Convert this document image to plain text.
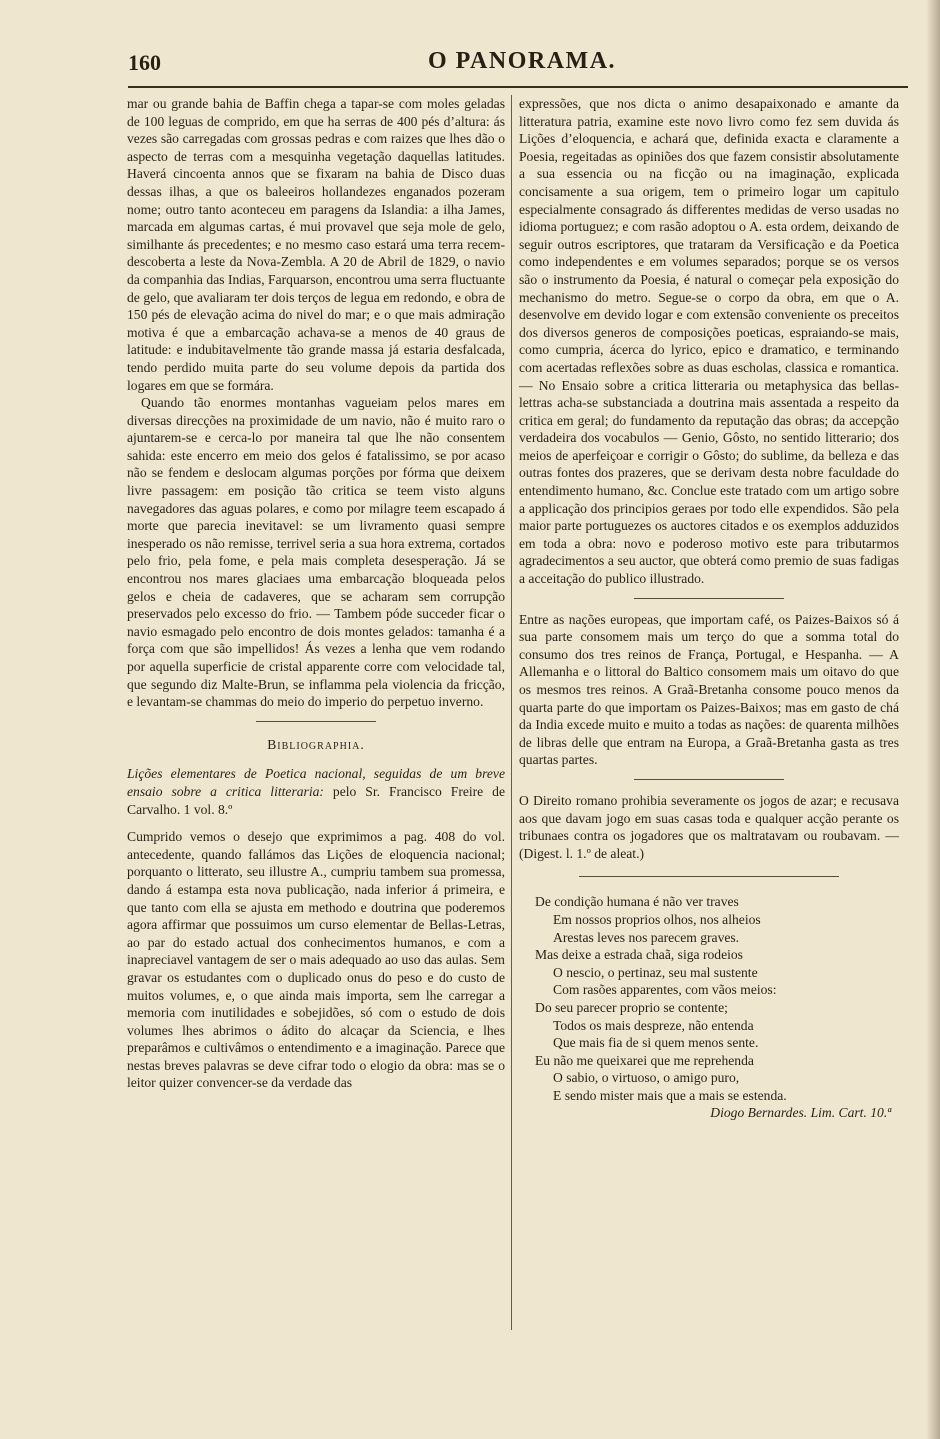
160	O PANORAMA.

mar ou grande bahia de Baffin chega a tapar-se com moles geladas de 100 leguas de comprido, em que ha serras de 400 pés d’altura: ás vezes são carregadas com grossas pedras e com raizes que lhes dão o aspecto de terras com a mesquinha vegetação daquellas latitudes. Haverá cincoenta annos que se fixaram na bahia de Disco duas dessas ilhas, a que os baleeiros hollandezes enganados pozeram nome; outro tanto aconteceu em paragens da Islandia: a ilha James, marcada em algumas cartas, é mui provavel que seja mole de gelo, similhante ás precedentes; e no mesmo caso estará uma terra recem-descoberta a leste da Nova-Zembla. A 20 de Abril de 1829, o navio da companhia das Indias, Farquarson, encontrou uma serra fluctuante de gelo, que avaliaram ter dois terços de legua em redondo, e obra de 150 pés de elevação acima do nivel do mar; e o que mais admiração motiva é que a embarcação achava-se a menos de 40 graus de latitude: e indubitavelmente tão grande massa já estaria desfalcada, tendo perdido muita parte do seu volume depois da partida dos logares em que se formára.

Quando tão enormes montanhas vagueiam pelos mares em diversas direcções na proximidade de um navio, não é muito raro o ajuntarem-se e cerca-lo por maneira tal que lhe não consentem sahida: este encerro em meio dos gelos é fatalissimo, se por acaso não se fendem e deslocam algumas porções por fórma que deixem livre passagem: em posição tão critica se teem visto alguns navegadores das aguas polares, e como por milagre teem escapado á morte que parecia inevitavel: se um livramento quasi sempre inesperado os não remisse, terrivel seria a sua hora extrema, cortados pelo frio, pela fome, e pela mais completa desesperação. Já se encontrou nos mares glaciaes uma embarcação bloqueada pelos gelos e cheia de cadaveres, que se acharam sem corrupção preservados pelo excesso do frio. — Tambem póde succeder ficar o navio esmagado pelo encontro de dois montes gelados: tamanha é a força com que são impellidos! Ás vezes a lenha que vem rodando por aquella superficie de cristal apparente corre com velocidade tal, que segundo diz Malte-Brun, se inflamma pela violencia da fricção, e levantam-se chammas do meio do imperio do perpetuo inverno.

Bibliographia.

Lições elementares de Poetica nacional, seguidas de um breve ensaio sobre a critica litteraria: pelo Sr. Francisco Freire de Carvalho. 1 vol. 8.º

Cumprido vemos o desejo que exprimimos a pag. 408 do vol. antecedente, quando fallámos das Lições de eloquencia nacional; porquanto o litterato, seu illustre A., cumpriu tambem sua promessa, dando á estampa esta nova publicação, nada inferior á primeira, e que tanto com ella se ajusta em methodo e doutrina que poderemos agora affirmar que possuimos um curso elementar de Bellas-Letras, ao par do estado actual dos conhecimentos humanos, e com a inapreciavel vantagem de ser o mais adequado ao uso das aulas. Sem gravar os estudantes com o duplicado onus do peso e do custo de muitos volumes, e, o que ainda mais importa, sem lhe carregar a memoria com inutilidades e sobejidões, só com o estudo de dois volumes lhes abrimos o ádito do alcaçar da Sciencia, e lhes preparâmos e cultivâmos o entendimento e a imaginação. Parece que nestas breves palavras se deve cifrar todo o elogio da obra: mas se o leitor quizer convencer-se da verdade das

expressões, que nos dicta o animo desapaixonado e amante da litteratura patria, examine este novo livro como fez sem duvida ás Lições d’eloquencia, e achará que, definida exacta e claramente a Poesia, regeitadas as opiniões dos que fazem consistir absolutamente a sua essencia ou na ficção ou na imaginação, explicada concisamente a sua origem, tem o primeiro logar um capitulo especialmente consagrado ás differentes medidas de verso usadas no idioma portuguez; e com rasão adoptou o A. esta ordem, deixando de seguir outros escriptores, que trataram da Versificação e da Poetica como independentes e em volumes separados; porque se os versos são o instrumento da Poesia, é natural o começar pela exposição do mechanismo do metro. Segue-se o corpo da obra, em que o A. desenvolve em devido logar e com extensão conveniente os preceitos dos diversos generos de composições poeticas, espraiando-se mais, como cumpria, ácerca do lyrico, epico e dramatico, e terminando com acertadas reflexões sobre as duas escholas, classica e romantica. — No Ensaio sobre a critica litteraria ou metaphysica das bellas-lettras acha-se substanciada a doutrina mais assentada a respeito da critica em geral; do fundamento da reputação das obras; da accepção verdadeira dos vocabulos — Genio, Gôsto, no sentido litterario; dos meios de aperfeiçoar e corrigir o Gôsto; do sublime, da belleza e das outras fontes dos prazeres, que se derivam desta nobre faculdade do entendimento humano, &c. Conclue este tratado com um artigo sobre a applicação dos principios geraes por todo elle expendidos. São pela maior parte portuguezes os auctores citados e os exemplos adduzidos em toda a obra: novo e poderoso motivo este para tributarmos agradecimentos a seu auctor, que obterá como premio de suas fadigas a acceitação do publico illustrado.

Entre as nações europeas, que importam café, os Paizes-Baixos só á sua parte consomem mais um terço do que a somma total do consumo dos tres reinos de França, Portugal, e Hespanha. — A Allemanha e o littoral do Baltico consomem mais um oitavo do que os mesmos tres reinos. A Graã-Bretanha consome pouco menos da quarta parte do que importam os Paizes-Baixos; mas em gasto de chá da India excede muito e muito a todas as nações: de quarenta milhões de libras delle que entram na Europa, a Graã-Bretanha gasta as tres quartas partes.

O Direito romano prohibia severamente os jogos de azar; e recusava aos que davam jogo em suas casas toda e qualquer acção perante os tribunaes contra os jogadores que os maltratavam ou roubavam. — (Digest. l. 1.º de aleat.)

De condição humana é não ver traves
Em nossos proprios olhos, nos alheios
Arestas leves nos parecem graves.
Mas deixe a estrada chaã, siga rodeios
O nescio, o pertinaz, seu mal sustente
Com rasões apparentes, com vãos meios:
Do seu parecer proprio se contente;
Todos os mais despreze, não entenda
Que mais fia de si quem menos sente.
Eu não me queixarei que me reprehenda
O sabio, o virtuoso, o amigo puro,
E sendo mister mais que a mais se estenda.
Diogo Bernardes. Lim. Cart. 10.ª
